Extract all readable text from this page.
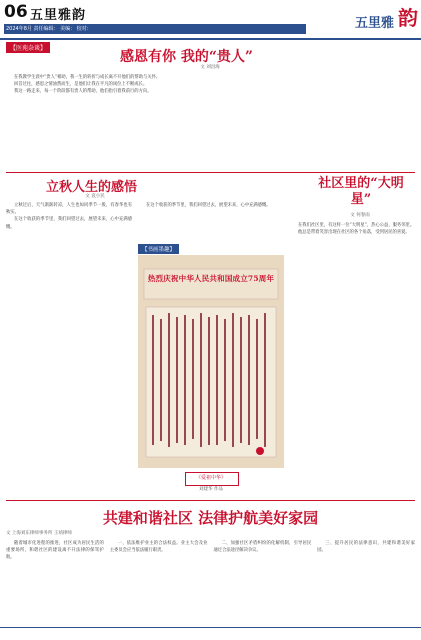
06 五里雅韵
2024年8月 责任编辑： 美编： 校对：	五里雅 韵
【医苑杂谈】
感恩有你 我的“贵人”
文 刘昌海

在我教学生涯中“贵人”相助，我一生的转折与成长离不开他们的帮助与关怀。

回首过往，感恩之情油然而生，是他们让我在平凡的岗位上不断成长。

我这一路走来，每一个阶段都有贵人的帮助，他们指引着我前行的方向。

立秋人生的感悟
文 袁小民

立秋过后，天气渐渐转凉，人生也如同季节一般，有春华也有秋实。

在这个收获的季节里，我们回望过去，展望未来，心中充满感慨。

在这个收获的季节里，我们回望过去，展望未来，心中充满感慨。

【书画墨趣】
热烈庆祝中华人民共和国成立75周年
《爱祖中华》
刘建华 作品
社区里的“大明星”
文 何春雨

在我们社区里，有这样一位“大明星”，热心公益，服务邻里。

他总是带着笑容出现在社区的各个角落，受到居民的喜爱。

共建和谐社区 法律护航美好家园
文 上海刘东律师事务所 王靖律师

随着城市化进程的推进，社区成为居民生活的重要场所，和谐社区的建设离不开法律的保驾护航。

一、依法维护业主的合法权益。业主大会及业主委员会应当依法履行职责。

二、加强社区矛盾纠纷的化解机制，引导居民通过合法途径解决争议。

三、提升居民的法律意识，共建和谐美好家园。
